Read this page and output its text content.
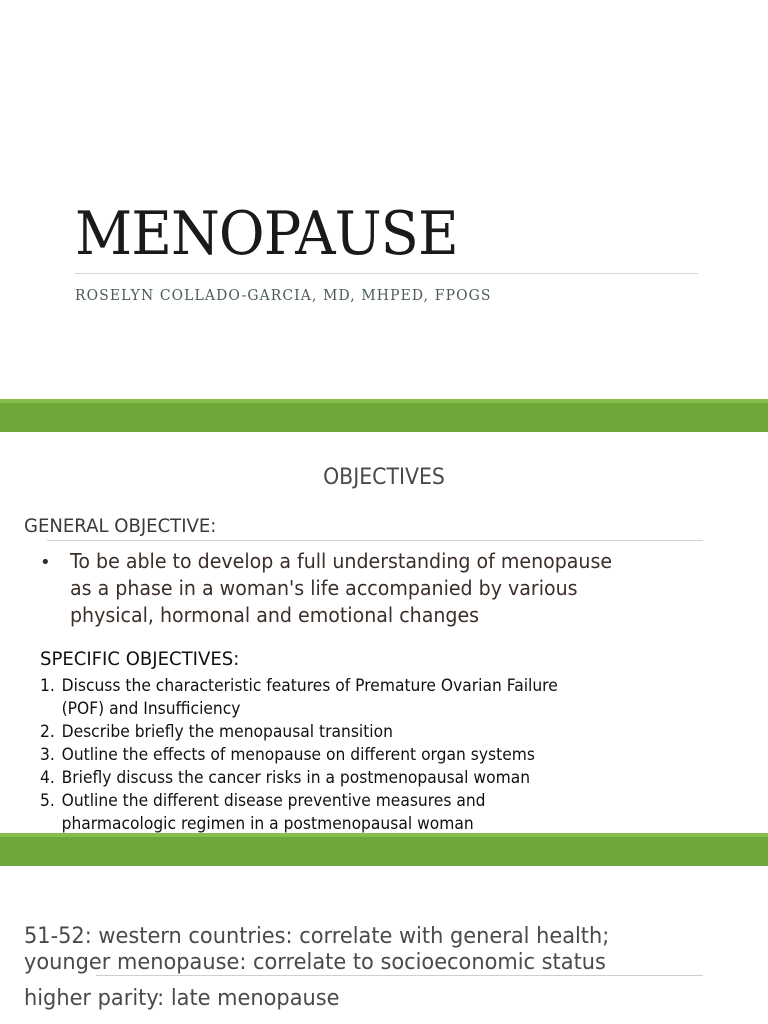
MENOPAUSE
ROSELYN COLLADO-GARCIA, MD, MHPED, FPOGS
OBJECTIVES
GENERAL OBJECTIVE:
• To be able to develop a full understanding of menopause
as a phase in a woman's life accompanied by various
physical, hormonal and emotional changes
SPECIFIC OBJECTIVES:
1. Discuss the characteristic features of Premature Ovarian Failure
(POF) and Insufficiency
2. Describe briefly the menopausal transition
3. Outline the effects of menopause on different organ systems
4. Briefly discuss the cancer risks in a postmenopausal woman
5. Outline the different disease preventive measures and
pharmacologic regimen in a postmenopausal woman
51-52: western countries: correlate with general health;
younger menopause: correlate to socioeconomic status
higher parity: late menopause
